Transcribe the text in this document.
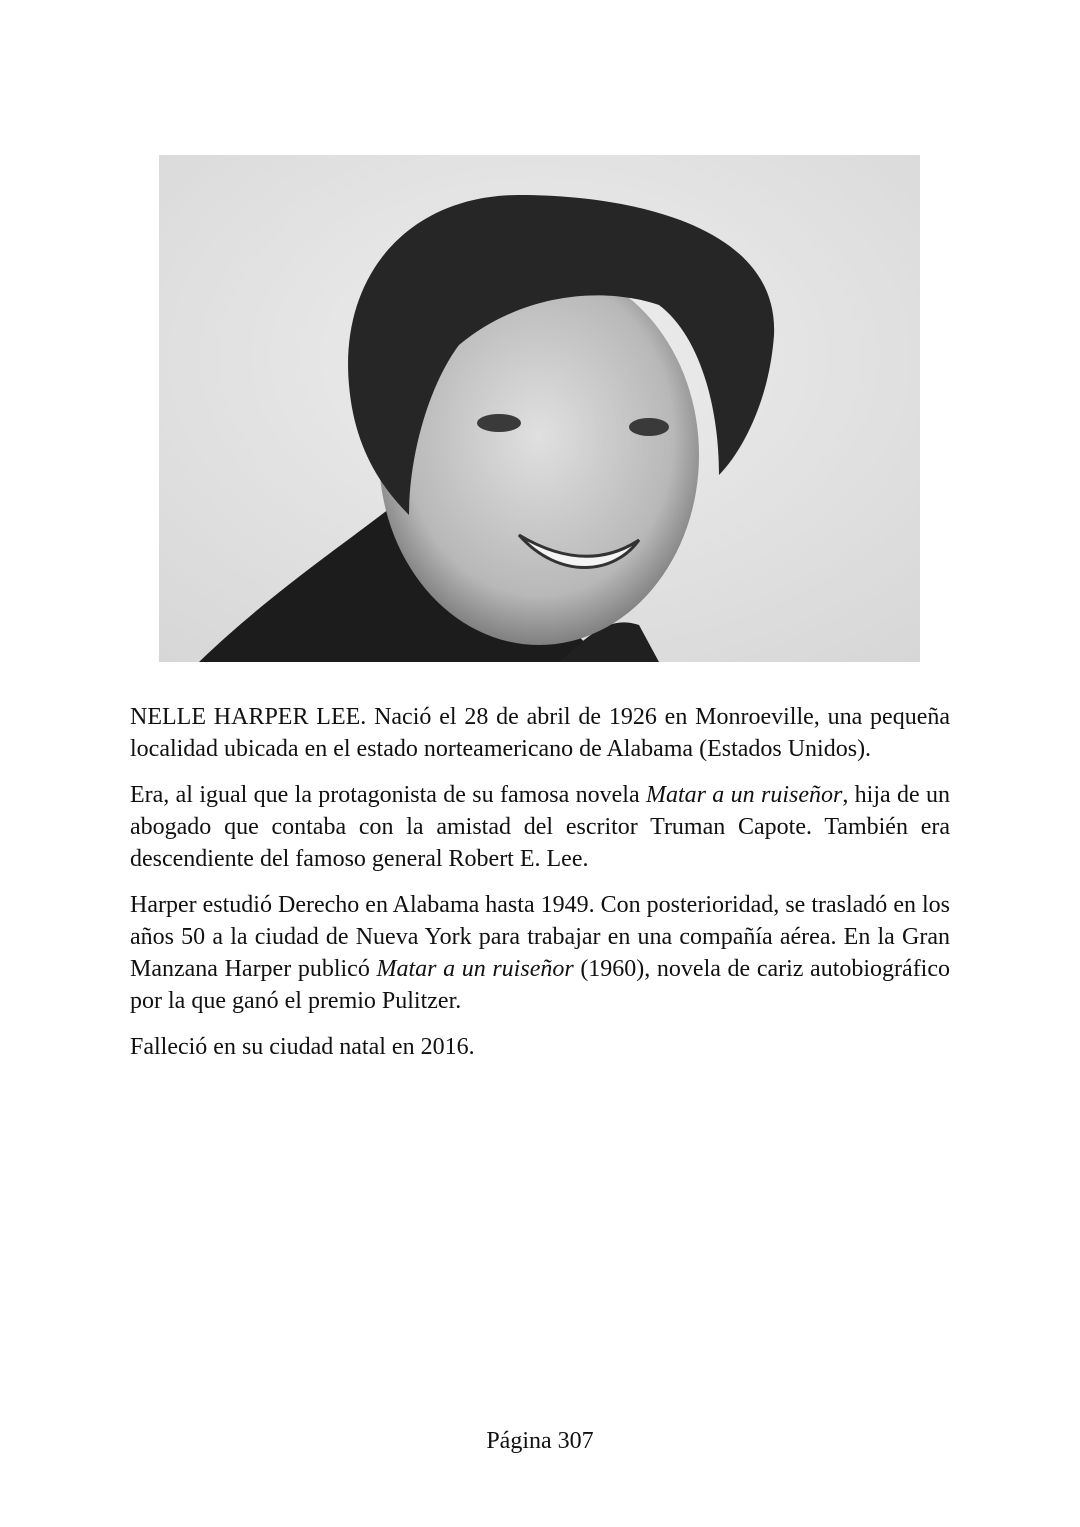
NELLE HARPER LEE. Nació el 28 de abril de 1926 en Monroeville, una pequeña localidad ubicada en el estado norteamericano de Alabama (Estados Unidos).

Era, al igual que la protagonista de su famosa novela Matar a un ruiseñor, hija de un abogado que contaba con la amistad del escritor Truman Capote. También era descendiente del famoso general Robert E. Lee.

Harper estudió Derecho en Alabama hasta 1949. Con posterioridad, se trasladó en los años 50 a la ciudad de Nueva York para trabajar en una compañía aérea. En la Gran Manzana Harper publicó Matar a un ruiseñor (1960), novela de cariz autobiográfico por la que ganó el premio Pulitzer.

Falleció en su ciudad natal en 2016.

Página 307
